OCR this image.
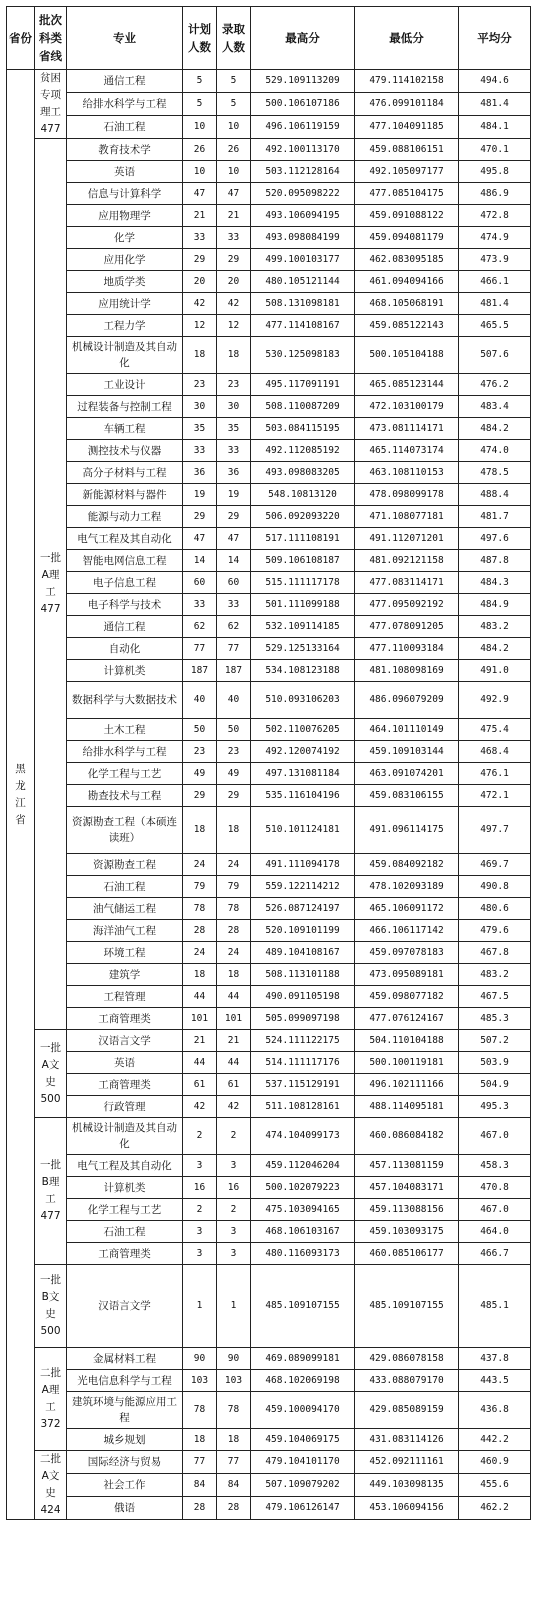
省份	批次科类省线	专业	计划人数	录取人数	最高分	最低分	平均分
黑龙江省	贫困专项理工477	通信工程	5	5	529.109113209	479.114102158	494.6
		给排水科学与工程	5	5	500.106107186	476.099101184	481.4
		石油工程	10	10	496.106119159	477.104091185	484.1
	一批A理工477	教育技术学	26	26	492.100113170	459.088106151	470.1
		英语	10	10	503.112128164	492.105097177	495.8
		信息与计算科学	47	47	520.095098222	477.085104175	486.9
		应用物理学	21	21	493.106094195	459.091088122	472.8
		化学	33	33	493.098084199	459.094081179	474.9
		应用化学	29	29	499.100103177	462.083095185	473.9
		地质学类	20	20	480.105121144	461.094094166	466.1
		应用统计学	42	42	508.131098181	468.105068191	481.4
		工程力学	12	12	477.114108167	459.085122143	465.5
		机械设计制造及其自动化	18	18	530.125098183	500.105104188	507.6
		工业设计	23	23	495.117091191	465.085123144	476.2
		过程装备与控制工程	30	30	508.110087209	472.103100179	483.4
		车辆工程	35	35	503.084115195	473.081114171	484.2
		测控技术与仪器	33	33	492.112085192	465.114073174	474.0
		高分子材料与工程	36	36	493.098083205	463.108110153	478.5
		新能源材料与器件	19	19	548.10813120	478.098099178	488.4
		能源与动力工程	29	29	506.092093220	471.108077181	481.7
		电气工程及其自动化	47	47	517.111108191	491.112071201	497.6
		智能电网信息工程	14	14	509.106108187	481.092121158	487.8
		电子信息工程	60	60	515.111117178	477.083114171	484.3
		电子科学与技术	33	33	501.111099188	477.095092192	484.9
		通信工程	62	62	532.109114185	477.078091205	483.2
		自动化	77	77	529.125133164	477.110093184	484.2
		计算机类	187	187	534.108123188	481.108098169	491.0
		数据科学与大数据技术	40	40	510.093106203	486.096079209	492.9
		土木工程	50	50	502.110076205	464.101110149	475.4
		给排水科学与工程	23	23	492.120074192	459.109103144	468.4
		化学工程与工艺	49	49	497.131081184	463.091074201	476.1
		勘查技术与工程	29	29	535.116104196	459.083106155	472.1
		资源勘查工程（本硕连读班）	18	18	510.101124181	491.096114175	497.7
		资源勘查工程	24	24	491.111094178	459.084092182	469.7
		石油工程	79	79	559.122114212	478.102093189	490.8
		油气储运工程	78	78	526.087124197	465.106091172	480.6
		海洋油气工程	28	28	520.109101199	466.106117142	479.6
		环境工程	24	24	489.104108167	459.097078183	467.8
		建筑学	18	18	508.113101188	473.095089181	483.2
		工程管理	44	44	490.091105198	459.098077182	467.5
		工商管理类	101	101	505.099097198	477.076124167	485.3
	一批A文史500	汉语言文学	21	21	524.111122175	504.110104188	507.2
		英语	44	44	514.111117176	500.100119181	503.9
		工商管理类	61	61	537.115129191	496.102111166	504.9
		行政管理	42	42	511.108128161	488.114095181	495.3
	一批B理工477	机械设计制造及其自动化	2	2	474.104099173	460.086084182	467.0
		电气工程及其自动化	3	3	459.112046204	457.113081159	458.3
		计算机类	16	16	500.102079223	457.104083171	470.8
		化学工程与工艺	2	2	475.103094165	459.113088156	467.0
		石油工程	3	3	468.106103167	459.103093175	464.0
		工商管理类	3	3	480.116093173	460.085106177	466.7
	一批B文史500	汉语言文学	1	1	485.109107155	485.109107155	485.1
	二批A理工372	金属材料工程	90	90	469.089099181	429.086078158	437.8
		光电信息科学与工程	103	103	468.102069198	433.088079170	443.5
		建筑环境与能源应用工程	78	78	459.100094170	429.085089159	436.8
		城乡规划	18	18	459.104069175	431.083114126	442.2
	二批A文史424	国际经济与贸易	77	77	479.104101170	452.092111161	460.9
		社会工作	84	84	507.109079202	449.103098135	455.6
		俄语	28	28	479.106126147	453.106094156	462.2
